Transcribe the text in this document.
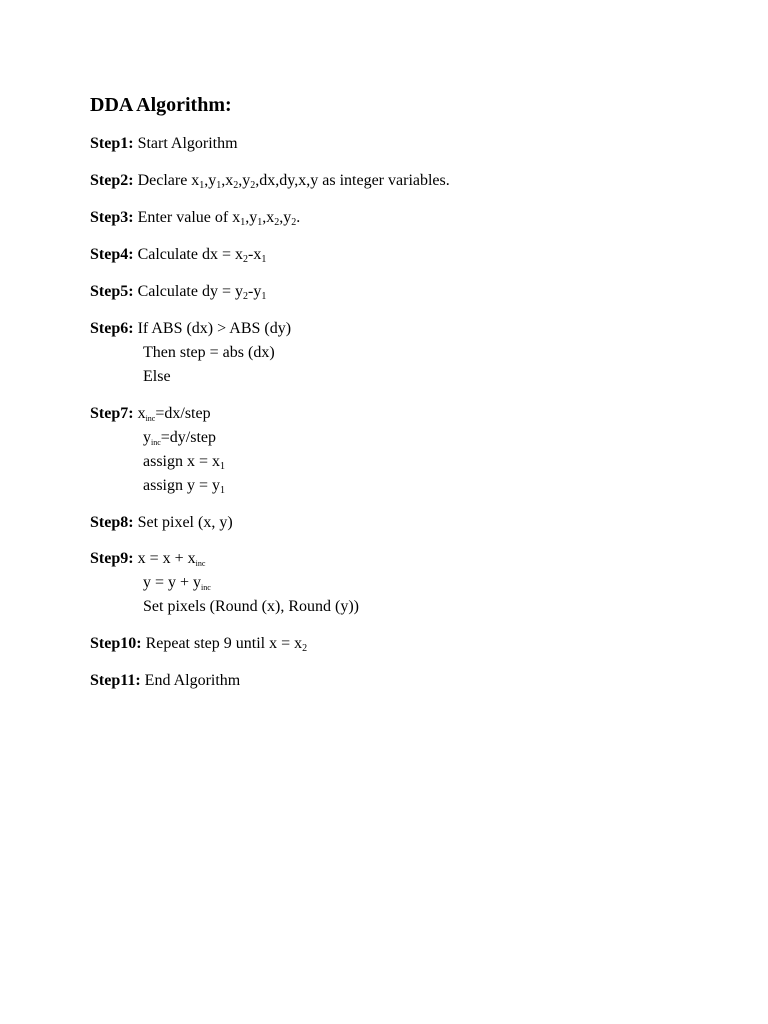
DDA Algorithm:
Step1: Start Algorithm
Step2: Declare $x_1,y_1,x_2,y_2,dx,dy,x,y$ as integer variables.
Step3: Enter value of $x_1,y_1,x_2,y_2$.
Step4: Calculate dx = $x_2-x_1$
Step5: Calculate dy = $y_2-y_1$
Step6: If ABS (dx) > ABS (dy)
Then step = abs (dx)
Else
Step7: $x_{inc}=dx$/step
$y_{inc}=dy$/step
assign $x = x_1$
assign $y = y_1$
Step8: Set pixel (x, y)
Step9: $x = x + x_{inc}$
$y = y + y_{inc}$
Set pixels (Round (x), Round (y))
Step10: Repeat step 9 until $x = x_2$
Step11: End Algorithm
